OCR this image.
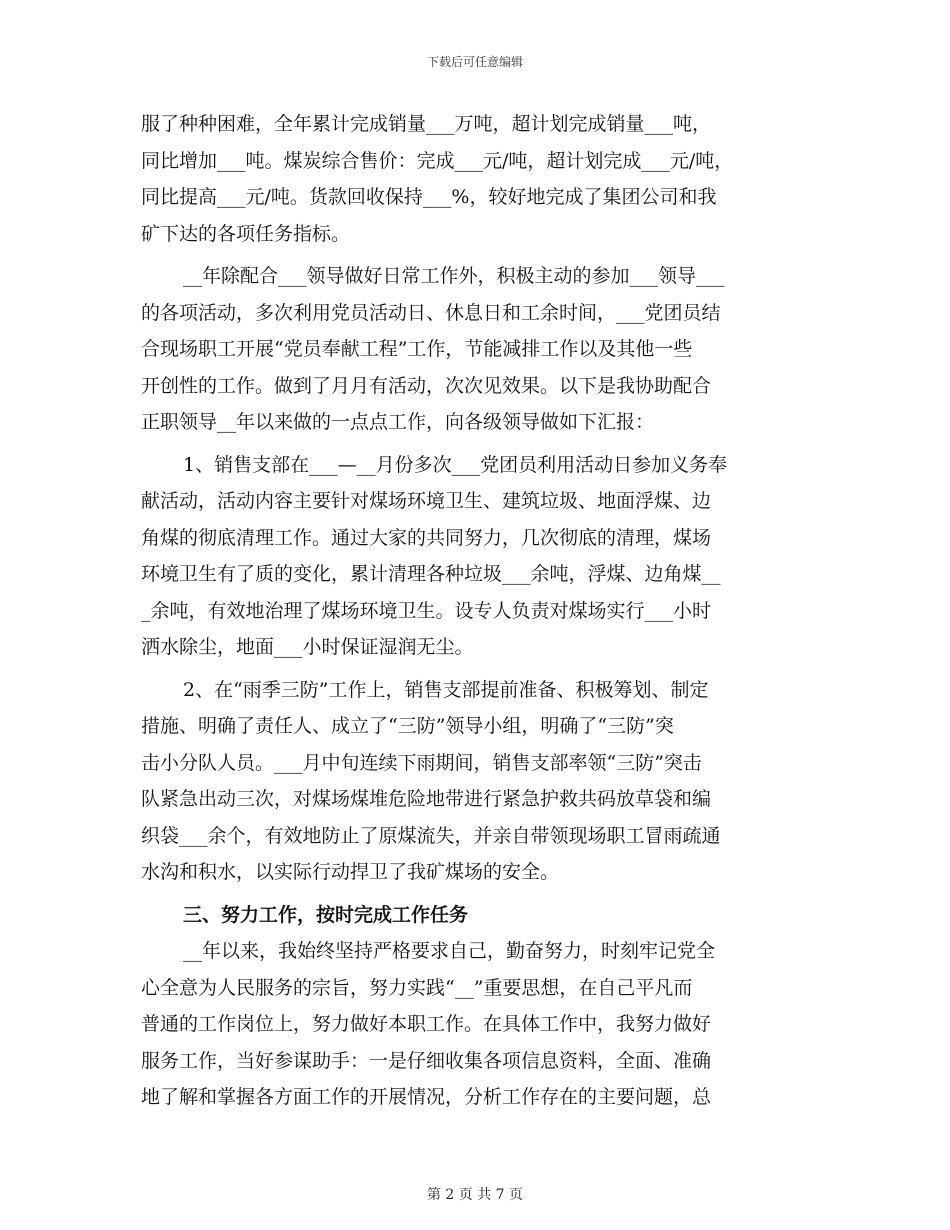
下载后可任意编辑
服了种种困难，全年累计完成销量___万吨，超计划完成销量___吨，
同比增加___吨。煤炭综合售价：完成___元/吨，超计划完成___元/吨，
同比提高___元/吨。货款回收保持___%，较好地完成了集团公司和我
矿下达的各项任务指标。
__年除配合___领导做好日常工作外，积极主动的参加___领导___
的各项活动，多次利用党员活动日、休息日和工余时间，___党团员结
合现场职工开展“党员奉献工程”工作，节能减排工作以及其他一些
开创性的工作。做到了月月有活动，次次见效果。以下是我协助配合
正职领导__年以来做的一点点工作，向各级领导做如下汇报：
1、销售支部在___—__月份多次___党团员利用活动日参加义务奉
献活动，活动内容主要针对煤场环境卫生、建筑垃圾、地面浮煤、边
角煤的彻底清理工作。通过大家的共同努力，几次彻底的清理，煤场
环境卫生有了质的变化，累计清理各种垃圾___余吨，浮煤、边角煤__
_余吨，有效地治理了煤场环境卫生。设专人负责对煤场实行___小时
洒水除尘，地面___小时保证湿润无尘。
2、在“雨季三防”工作上，销售支部提前准备、积极筹划、制定
措施、明确了责任人、成立了“三防”领导小组，明确了“三防”突
击小分队人员。___月中旬连续下雨期间，销售支部率领“三防”突击
队紧急出动三次，对煤场煤堆危险地带进行紧急护救共码放草袋和编
织袋___余个，有效地防止了原煤流失，并亲自带领现场职工冒雨疏通
水沟和积水，以实际行动捍卫了我矿煤场的安全。
三、努力工作，按时完成工作任务
__年以来，我始终坚持严格要求自己，勤奋努力，时刻牢记党全
心全意为人民服务的宗旨，努力实践“__”重要思想，在自己平凡而
普通的工作岗位上，努力做好本职工作。在具体工作中，我努力做好
服务工作，当好参谋助手：一是仔细收集各项信息资料，全面、准确
地了解和掌握各方面工作的开展情况，分析工作存在的主要问题，总
第 2 页 共 7 页
